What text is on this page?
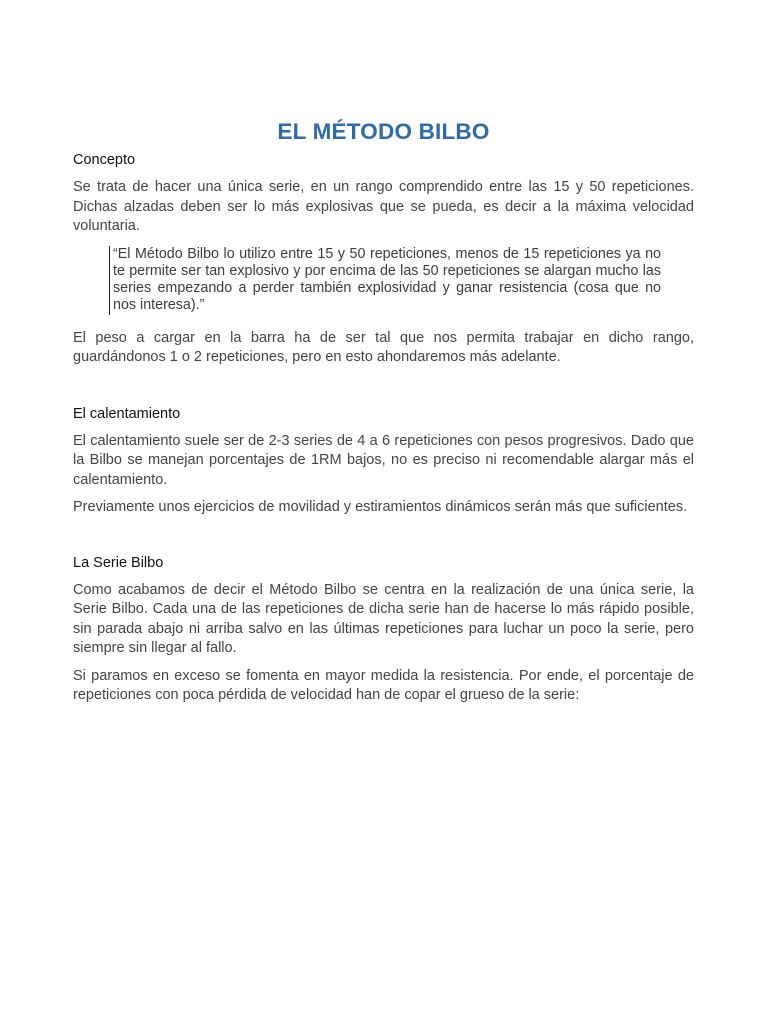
EL MÉTODO BILBO
Concepto

Se trata de hacer una única serie, en un rango comprendido entre las 15 y 50 repeticiones. Dichas alzadas deben ser lo más explosivas que se pueda, es decir a la máxima velocidad voluntaria.

“El Método Bilbo lo utilizo entre 15 y 50 repeticiones, menos de 15 repeticiones ya no te permite ser tan explosivo y por encima de las 50 repeticiones se alargan mucho las series empezando a perder también explosividad y ganar resistencia (cosa que no nos interesa).”

El peso a cargar en la barra ha de ser tal que nos permita trabajar en dicho rango, guardándonos 1 o 2 repeticiones, pero en esto ahondaremos más adelante.

El calentamiento

El calentamiento suele ser de 2-3 series de 4 a 6 repeticiones con pesos progresivos. Dado que la Bilbo se manejan porcentajes de 1RM bajos, no es preciso ni recomendable alargar más el calentamiento.

Previamente unos ejercicios de movilidad y estiramientos dinámicos serán más que suficientes.

La Serie Bilbo

Como acabamos de decir el Método Bilbo se centra en la realización de una única serie, la Serie Bilbo. Cada una de las repeticiones de dicha serie han de hacerse lo más rápido posible, sin parada abajo ni arriba salvo en las últimas repeticiones para luchar un poco la serie, pero siempre sin llegar al fallo.

Si paramos en exceso se fomenta en mayor medida la resistencia. Por ende, el porcentaje de repeticiones con poca pérdida de velocidad han de copar el grueso de la serie:
